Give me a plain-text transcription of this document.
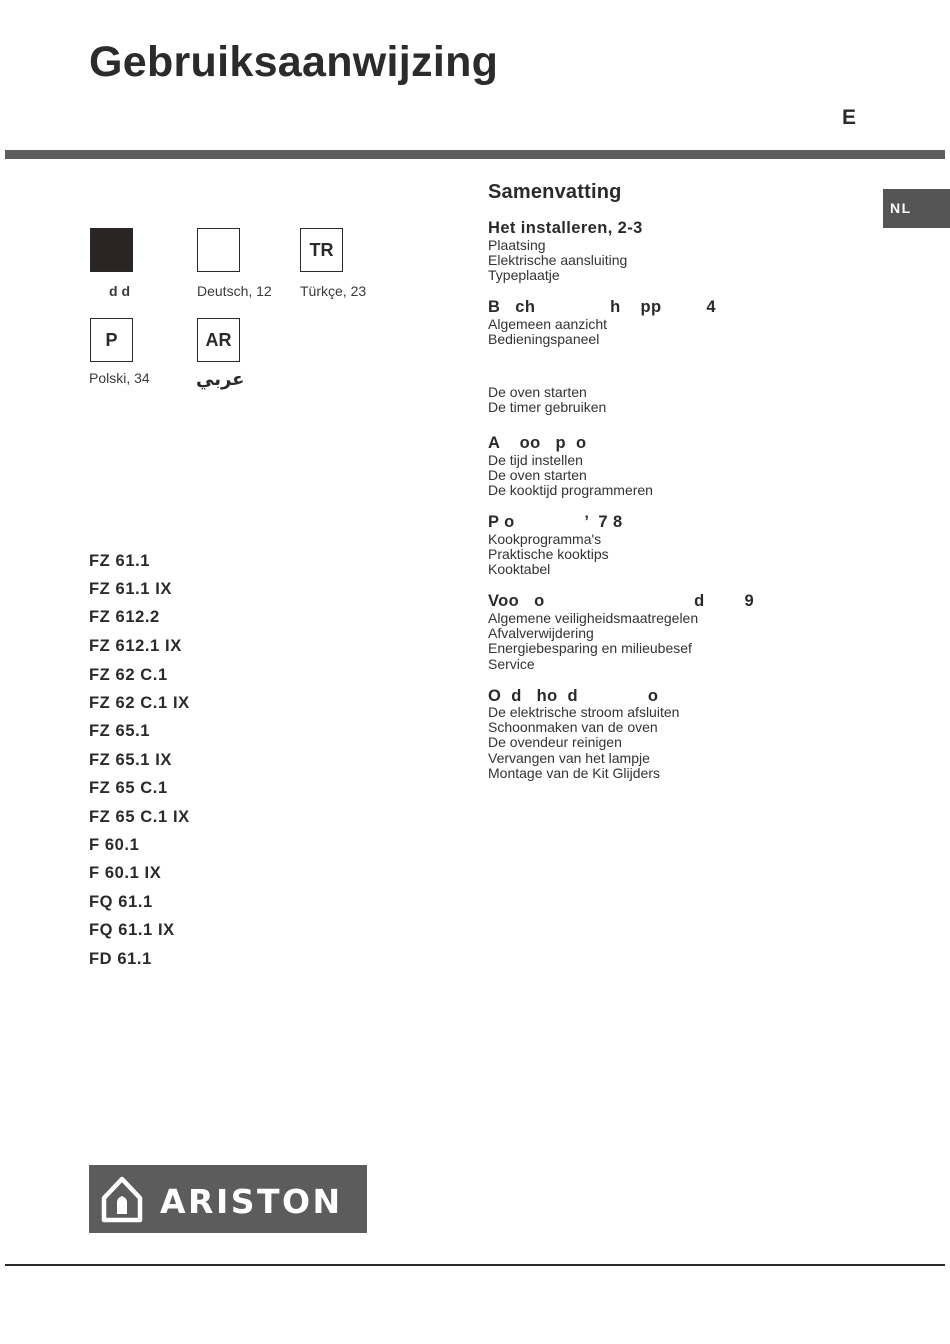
Gebruiksaanwijzing
E
NL
d d	Deutsch, 12
TR
Türkçe, 23
P
Polski, 34
AR
عربي
FZ 61.1
FZ 61.1 IX
FZ 612.2
FZ 612.1 IX
FZ 62 C.1
FZ 62 C.1 IX
FZ 65.1
FZ 65.1 IX
FZ 65 C.1
FZ 65 C.1 IX
F 60.1
F 60.1 IX
FQ 61.1
FQ 61.1 IX
FD 61.1
Samenvatting
Het installeren, 2-3
Plaatsing
Elektrische aansluiting
Typeplaatje
B   ch               h    pp         4
Algemeen aanzicht
Bedieningspaneel
De oven starten
De timer gebruiken
A    oo   p  o
De tijd instellen
De oven starten
De kooktijd programmeren
P o              ’  7 8
Kookprogramma's
Praktische kooktips
Kooktabel
Voo   o                              d        9
Algemene veiligheidsmaatregelen
Afvalverwijdering
Energiebesparing en milieubesef
Service
O  d   ho  d              o
De elektrische stroom afsluiten
Schoonmaken van de oven
De ovendeur reinigen
Vervangen van het lampje
Montage van de Kit Glijders
ARISTON
